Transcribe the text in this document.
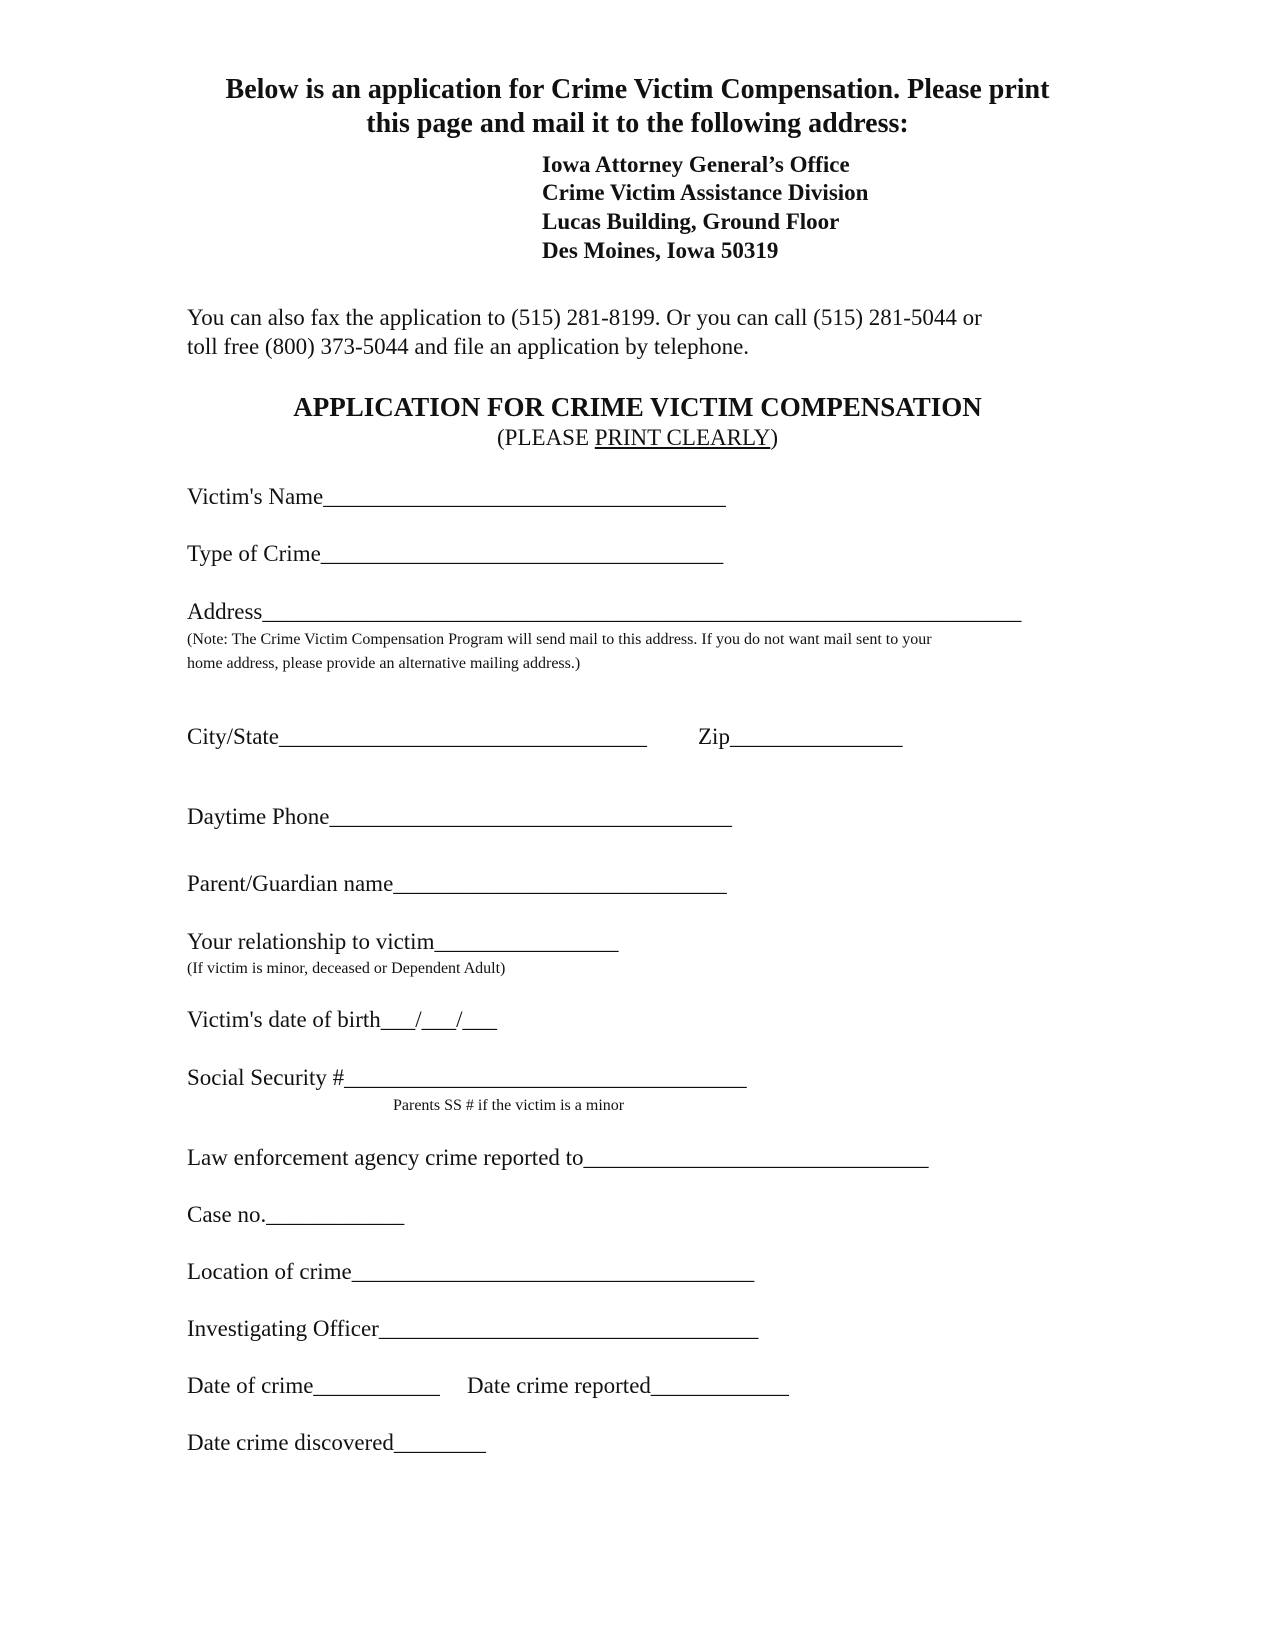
Below is an application for Crime Victim Compensation. Please print
this page and mail it to the following address:
Iowa Attorney General’s Office
Crime Victim Assistance Division
Lucas Building, Ground Floor
Des Moines, Iowa 50319
You can also fax the application to (515) 281-8199. Or you can call (515) 281-5044 or
toll free (800) 373-5044 and file an application by telephone.
APPLICATION FOR CRIME VICTIM COMPENSATION
(PLEASE PRINT CLEARLY)
Victim's Name___________________________________
Type of Crime___________________________________
Address__________________________________________________________________
(Note: The Crime Victim Compensation Program will send mail to this address. If you do not want mail sent to your
home address, please provide an alternative mailing address.)
City/State________________________________ Zip_______________
Daytime Phone___________________________________
Parent/Guardian name_____________________________
Your relationship to victim________________
(If victim is minor, deceased or Dependent Adult)
Victim's date of birth___/___/___
Social Security #___________________________________
Parents SS # if the victim is a minor
Law enforcement agency crime reported to______________________________
Case no.____________
Location of crime___________________________________
Investigating Officer_________________________________
Date of crime___________ Date crime reported____________
Date crime discovered________
